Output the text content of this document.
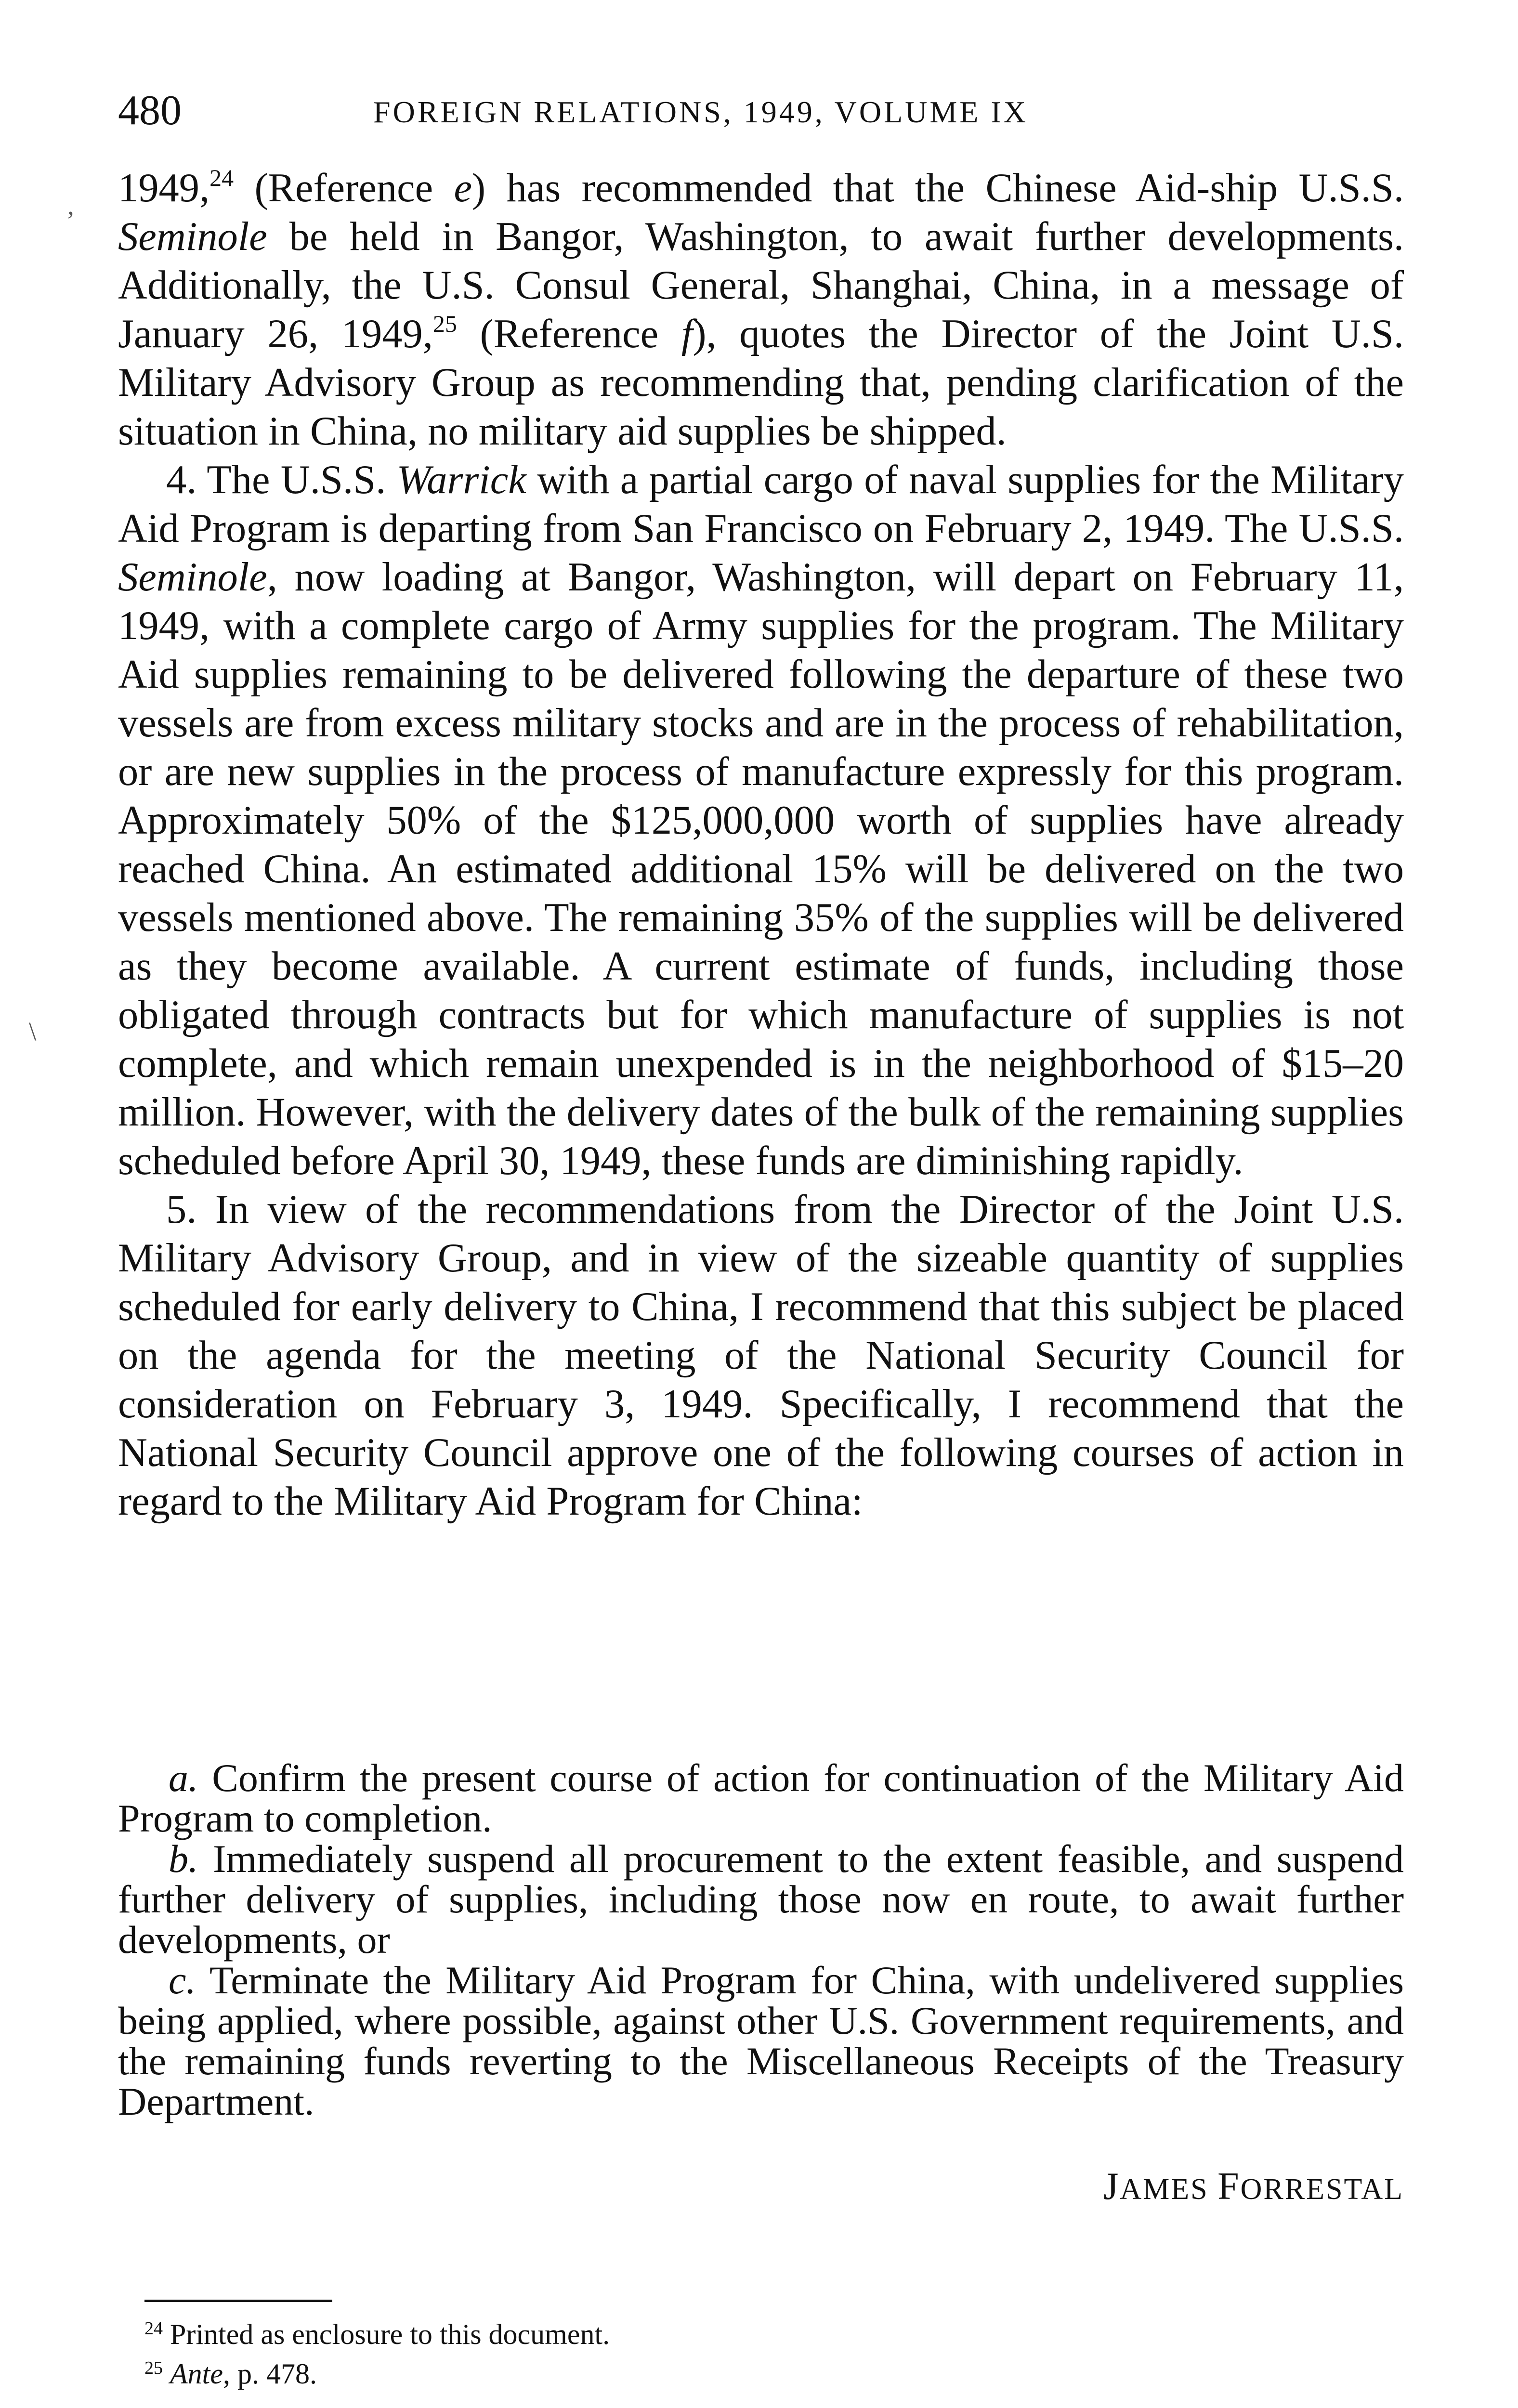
480	FOREIGN RELATIONS, 1949, VOLUME IX
,
\

1949,24 (Reference e) has recommended that the Chinese Aid-ship U.S.S. Seminole be held in Bangor, Washington, to await further developments. Additionally, the U.S. Consul General, Shanghai, China, in a message of January 26, 1949,25 (Reference f), quotes the Director of the Joint U.S. Military Advisory Group as recommending that, pending clarification of the situation in China, no military aid supplies be shipped.

4. The U.S.S. Warrick with a partial cargo of naval supplies for the Military Aid Program is departing from San Francisco on February 2, 1949. The U.S.S. Seminole, now loading at Bangor, Washington, will depart on February 11, 1949, with a complete cargo of Army supplies for the program. The Military Aid supplies remaining to be delivered following the departure of these two vessels are from excess military stocks and are in the process of rehabilitation, or are new supplies in the process of manufacture expressly for this program. Approximately 50% of the $125,000,000 worth of supplies have already reached China. An estimated additional 15% will be delivered on the two vessels mentioned above. The remaining 35% of the supplies will be delivered as they become available. A current estimate of funds, including those obligated through contracts but for which manufacture of supplies is not complete, and which remain unexpended is in the neighborhood of $15–20 million. However, with the delivery dates of the bulk of the remaining supplies scheduled before April 30, 1949, these funds are diminishing rapidly.

5. In view of the recommendations from the Director of the Joint U.S. Military Advisory Group, and in view of the sizeable quantity of supplies scheduled for early delivery to China, I recommend that this subject be placed on the agenda for the meeting of the National Security Council for consideration on February 3, 1949. Specifically, I recommend that the National Security Council approve one of the following courses of action in regard to the Military Aid Program for China:

a. Confirm the present course of action for continuation of the Military Aid Program to completion.

b. Immediately suspend all procurement to the extent feasible, and suspend further delivery of supplies, including those now en route, to await further developments, or

c. Terminate the Military Aid Program for China, with undelivered supplies being applied, where possible, against other U.S. Government requirements, and the remaining funds reverting to the Miscellaneous Receipts of the Treasury Department.

JAMES FORRESTAL

$^{24}$ Printed as enclosure to this document.

$^{25}$ Ante, p. 478.
